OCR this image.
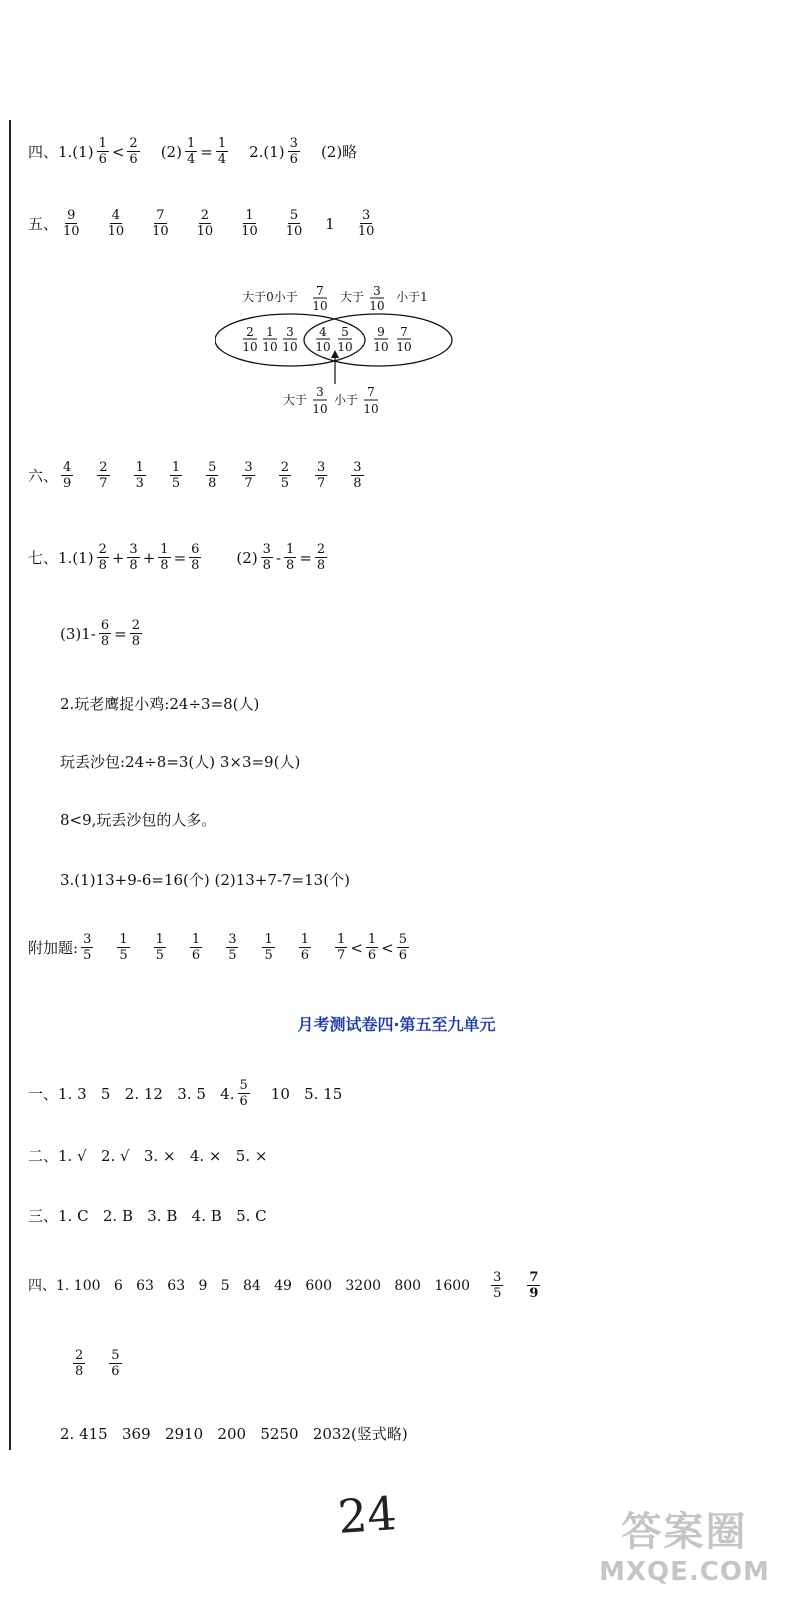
四、$1.(1) \frac{1}{6} < \frac{2}{6} (2) \frac{1}{4} = \frac{1}{4} 2.(1) \frac{3}{6} (2)$略
五、 $\frac{9}{10} \frac{4}{10} \frac{7}{10} \frac{2}{10} \frac{1}{10} \frac{5}{10} 1 \frac{3}{10}$
大于0小于 7
10
大于 3
10
小于1
2
10
1
10
3
10
4
10
5
10
9
10
7
10
大于
3
10
小于
7
10
六、 $\frac{4}{9} \frac{2}{7} \frac{1}{3} \frac{1}{5} \frac{5}{8} \frac{3}{7} \frac{2}{5} \frac{3}{7} \frac{3}{8}$
七、$1.(1) \frac{2}{8} + \frac{3}{8} + \frac{1}{8} = \frac{6}{8} (2) \frac{3}{8} - \frac{1}{8} = \frac{2}{8}$
$(3)1- \frac{6}{8} = \frac{2}{8}$
2.玩老鹰捉小鸡:24÷3=8(人)
玩丢沙包:24÷8=3(人) 3×3=9(人)
8<9,玩丢沙包的人多。
3.(1)13+9-6=16(个) (2)13+7-7=13(个)
附加题: $\frac{3}{5} \frac{1}{5} \frac{1}{5} \frac{1}{6} \frac{3}{5} \frac{1}{5} \frac{1}{6} \frac{1}{7} < \frac{1}{6} < \frac{5}{6}$
月考测试卷四·第五至九单元
一、1. 3   5   2. 12   3. 5   4. $\frac{5}{6} 10$   5. 15
二、1. √   2. √   3. ×   4. ×   5. ×
三、1. C   2. B   3. B   4. B   5. C
四、1. 100   6   63   63   9   5   84   49   600   3200   800   $1600 \frac{3}{5} \frac{7}{9}$
$\frac{2}{8} \frac{5}{6}$
2. 415   369   2910   200   5250   2032(竖式略)
24	答案圈
MXQE.COM
